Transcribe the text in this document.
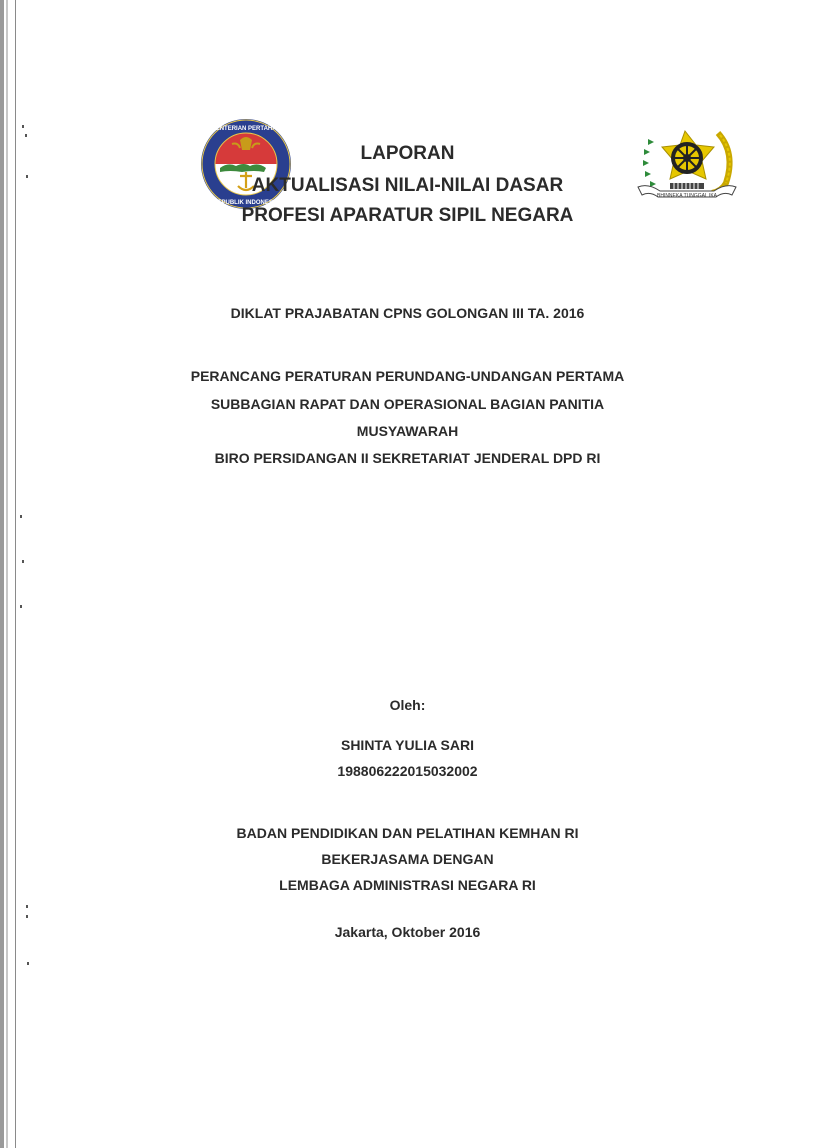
KEMENTERIAN PERTAHANAN
REPUBLIK INDONESIA
BHINNEKA TUNGGAL IKA
LAPORAN
AKTUALISASI NILAI-NILAI DASAR
PROFESI APARATUR SIPIL NEGARA
DIKLAT PRAJABATAN CPNS GOLONGAN III TA. 2016
PERANCANG PERATURAN PERUNDANG-UNDANGAN PERTAMA
SUBBAGIAN RAPAT DAN OPERASIONAL BAGIAN PANITIA
MUSYAWARAH
BIRO PERSIDANGAN II SEKRETARIAT JENDERAL DPD RI
Oleh:
SHINTA YULIA SARI
198806222015032002
BADAN PENDIDIKAN DAN PELATIHAN KEMHAN RI
BEKERJASAMA DENGAN
LEMBAGA ADMINISTRASI NEGARA RI
Jakarta, Oktober 2016
